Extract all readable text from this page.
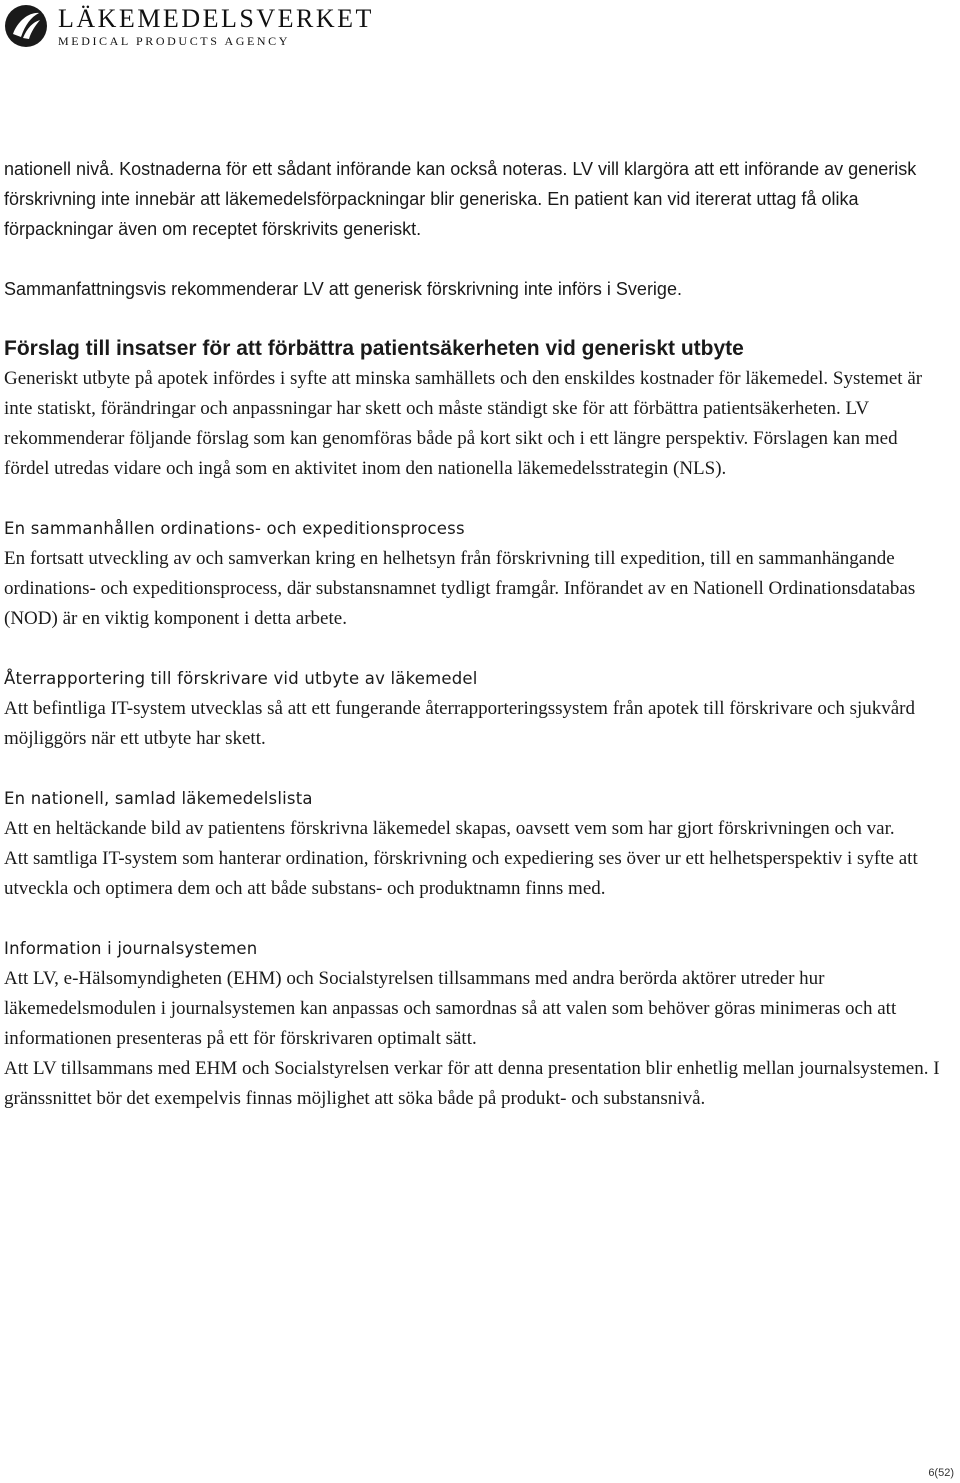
LÄKEMEDELSVERKET
MEDICAL PRODUCTS AGENCY

nationell nivå. Kostnaderna för ett sådant införande kan också noteras. LV vill klargöra att ett införande av generisk förskrivning inte innebär att läkemedelsförpackningar blir generiska. En patient kan vid itererat uttag få olika förpackningar även om receptet förskrivits generiskt.

Sammanfattningsvis rekommenderar LV att generisk förskrivning inte införs i Sverige.

Förslag till insatser för att förbättra patientsäkerheten vid generiskt utbyte

Generiskt utbyte på apotek infördes i syfte att minska samhällets och den enskildes kostnader för läkemedel. Systemet är inte statiskt, förändringar och anpassningar har skett och måste ständigt ske för att förbättra patientsäkerheten. LV rekommenderar följande förslag som kan genomföras både på kort sikt och i ett längre perspektiv. Förslagen kan med fördel utredas vidare och ingå som en aktivitet inom den nationella läkemedelsstrategin (NLS).

En sammanhållen ordinations- och expeditionsprocess

En fortsatt utveckling av och samverkan kring en helhetsyn från förskrivning till expedition, till en sammanhängande ordinations- och expeditionsprocess, där substansnamnet tydligt framgår. Införandet av en Nationell Ordinationsdatabas (NOD) är en viktig komponent i detta arbete.

Återrapportering till förskrivare vid utbyte av läkemedel

Att befintliga IT-system utvecklas så att ett fungerande återrapporteringssystem från apotek till förskrivare och sjukvård möjliggörs när ett utbyte har skett.

En nationell, samlad läkemedelslista

Att en heltäckande bild av patientens förskrivna läkemedel skapas, oavsett vem som har gjort förskrivningen och var.

Att samtliga IT-system som hanterar ordination, förskrivning och expediering ses över ur ett helhetsperspektiv i syfte att utveckla och optimera dem och att både substans- och produktnamn finns med.

Information i journalsystemen

Att LV, e-Hälsomyndigheten (EHM) och Socialstyrelsen tillsammans med andra berörda aktörer utreder hur läkemedelsmodulen i journalsystemen kan anpassas och samordnas så att valen som behöver göras minimeras och att informationen presenteras på ett för förskrivaren optimalt sätt.

Att LV tillsammans med EHM och Socialstyrelsen verkar för att denna presentation blir enhetlig mellan journalsystemen. I gränssnittet bör det exempelvis finnas möjlighet att söka både på produkt- och substansnivå.

6(52)
